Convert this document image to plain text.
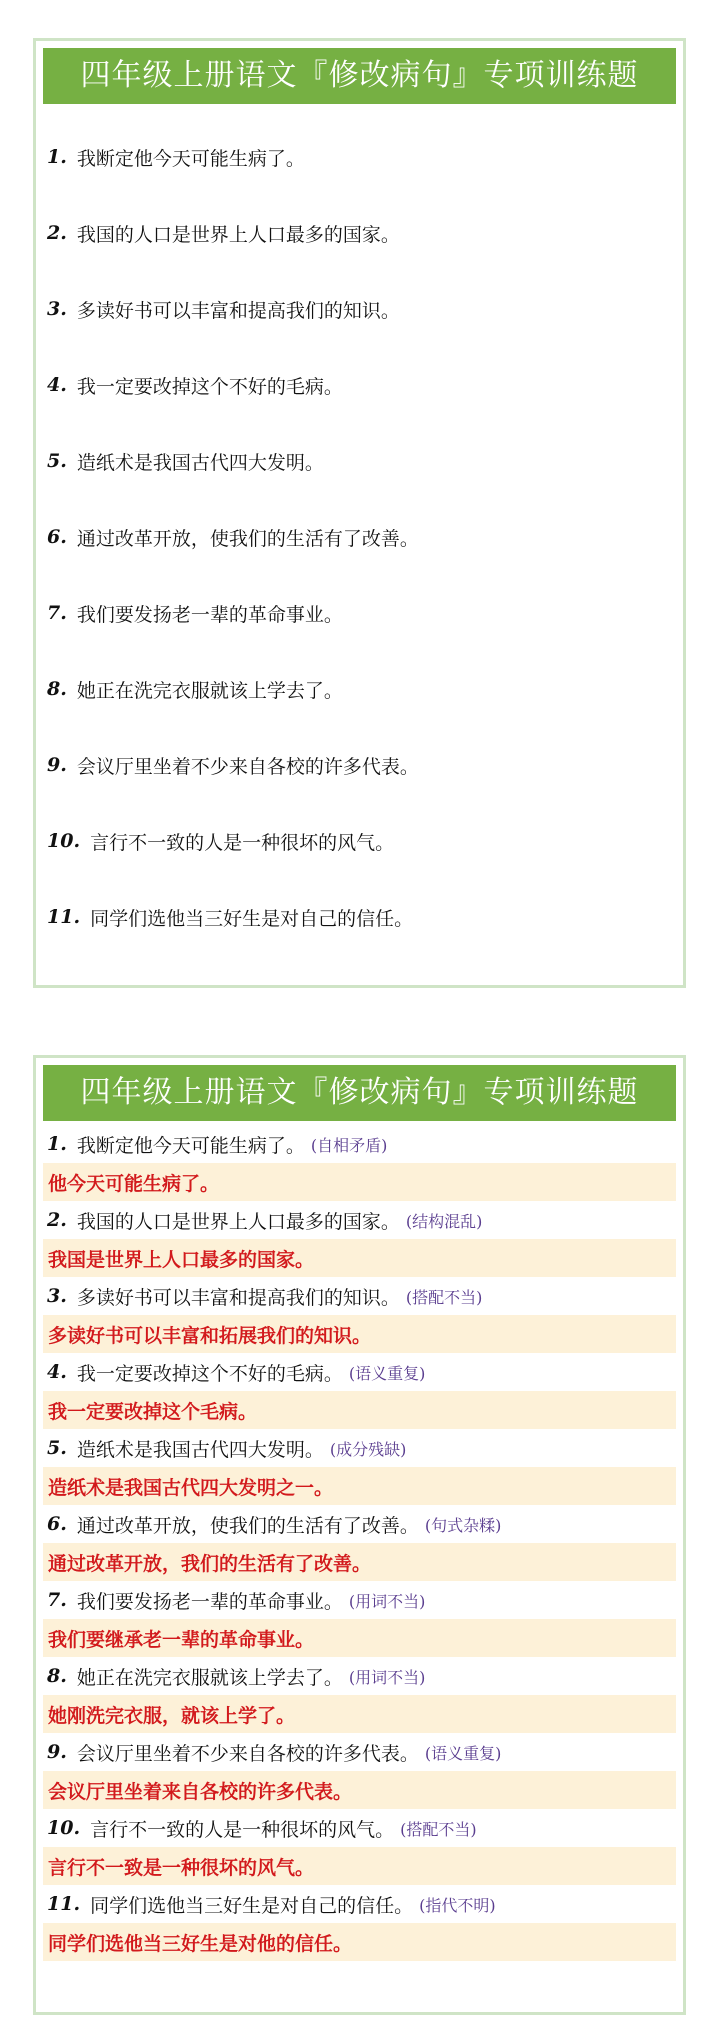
四年级上册语文『修改病句』专项训练题
1. 我断定他今天可能生病了。
2. 我国的人口是世界上人口最多的国家。
3. 多读好书可以丰富和提高我们的知识。
4. 我一定要改掉这个不好的毛病。
5. 造纸术是我国古代四大发明。
6. 通过改革开放，使我们的生活有了改善。
7. 我们要发扬老一辈的革命事业。
8. 她正在洗完衣服就该上学去了。
9. 会议厅里坐着不少来自各校的许多代表。
10. 言行不一致的人是一种很坏的风气。
11. 同学们选他当三好生是对自己的信任。
四年级上册语文『修改病句』专项训练题
1. 我断定他今天可能生病了。 (自相矛盾)
他今天可能生病了。
2. 我国的人口是世界上人口最多的国家。 (结构混乱)
我国是世界上人口最多的国家。
3. 多读好书可以丰富和提高我们的知识。 (搭配不当)
多读好书可以丰富和拓展我们的知识。
4. 我一定要改掉这个不好的毛病。 (语义重复)
我一定要改掉这个毛病。
5. 造纸术是我国古代四大发明。 (成分残缺)
造纸术是我国古代四大发明之一。
6. 通过改革开放，使我们的生活有了改善。 (句式杂糅)
通过改革开放，我们的生活有了改善。
7. 我们要发扬老一辈的革命事业。 (用词不当)
我们要继承老一辈的革命事业。
8. 她正在洗完衣服就该上学去了。 (用词不当)
她刚洗完衣服，就该上学了。
9. 会议厅里坐着不少来自各校的许多代表。 (语义重复)
会议厅里坐着来自各校的许多代表。
10. 言行不一致的人是一种很坏的风气。 (搭配不当)
言行不一致是一种很坏的风气。
11. 同学们选他当三好生是对自己的信任。 (指代不明)
同学们选他当三好生是对他的信任。
